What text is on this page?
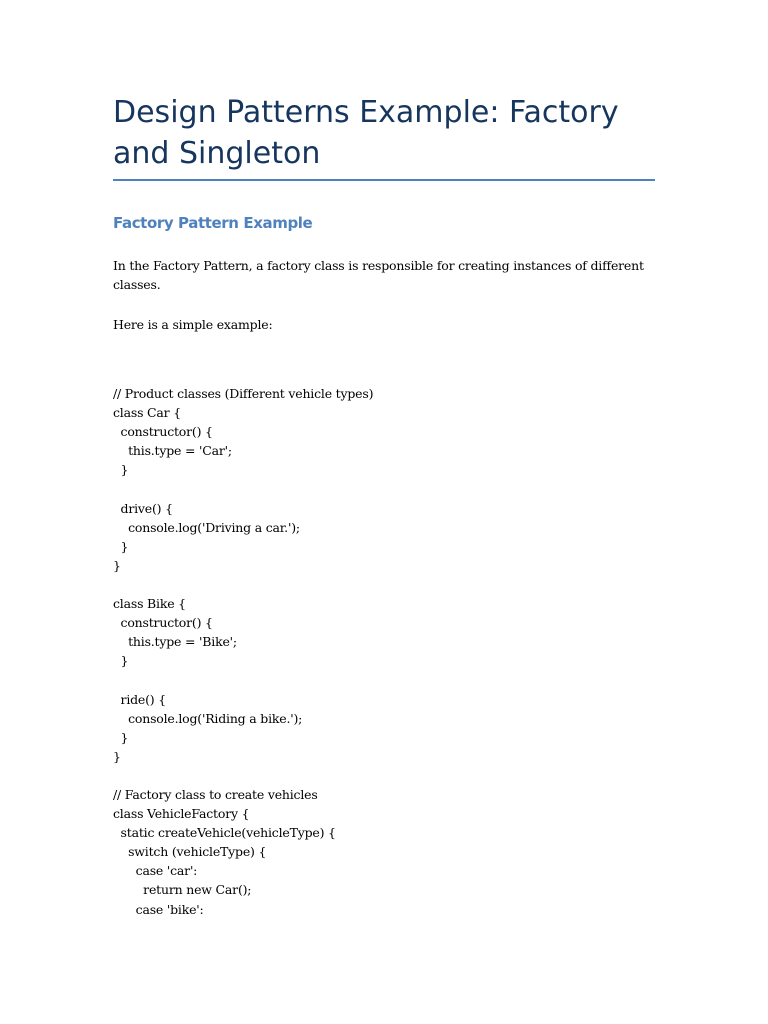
Design Patterns Example: Factory and Singleton
Factory Pattern Example

In the Factory Pattern, a factory class is responsible for creating instances of different classes.

Here is a simple example:

// Product classes (Different vehicle types)
class Car {
constructor() {
this.type = 'Car';
}
drive() {
console.log('Driving a car.');
}
}
class Bike {
constructor() {
this.type = 'Bike';
}
ride() {
console.log('Riding a bike.');
}
}
// Factory class to create vehicles
class VehicleFactory {
static createVehicle(vehicleType) {
switch (vehicleType) {
case 'car':
return new Car();
case 'bike':
